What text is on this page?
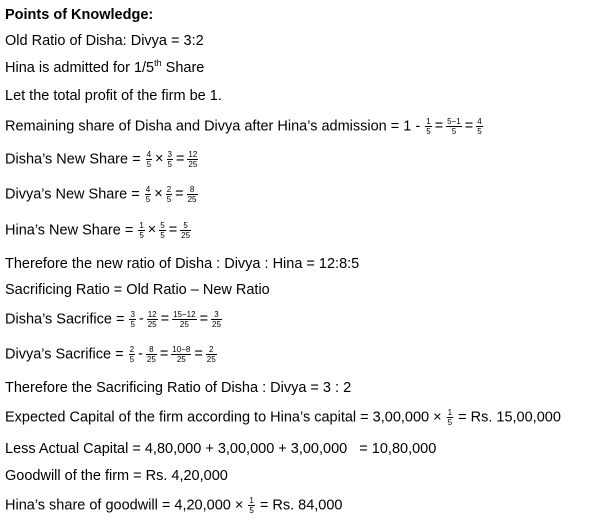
Points of Knowledge:
Old Ratio of Disha: Divya = 3:2
Hina is admitted for 1/5th Share
Let the total profit of the firm be 1.
Remaining share of Disha and Divya after Hina’s admission = $1 - \frac{1}{5} = \frac{5-1}{5} = \frac{4}{5}$
Disha’s New Share = $\frac{4}{5} \times \frac{3}{5} = \frac{12}{25}$
Divya’s New Share = $\frac{4}{5} \times \frac{2}{5} = \frac{8}{25}$
Hina’s New Share = $\frac{1}{5} \times \frac{5}{5} = \frac{5}{25}$
Therefore the new ratio of Disha : Divya : Hina = 12:8:5
Sacrificing Ratio = Old Ratio – New Ratio
Disha’s Sacrifice = $\frac{3}{5} - \frac{12}{25} = \frac{15-12}{25} = \frac{3}{25}$
Divya’s Sacrifice = $\frac{2}{5} - \frac{8}{25} = \frac{10-8}{25} = \frac{2}{25}$
Therefore the Sacrificing Ratio of Disha : Divya = 3 : 2
Expected Capital of the firm according to Hina’s capital = $3,00,000 \times \frac{1}{5} = Rs$. 15,00,000
Less Actual Capital = 4,80,000 + 3,00,000 + 3,00,000   = 10,80,000
Goodwill of the firm = Rs. 4,20,000
Hina’s share of goodwill = $4,20,000 \times \frac{1}{5} = Rs$. 84,000
